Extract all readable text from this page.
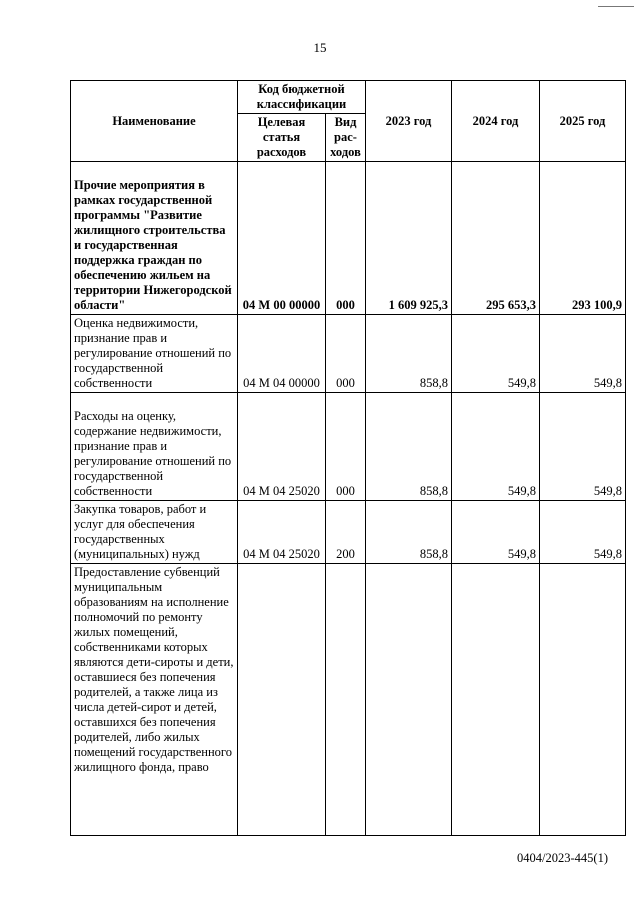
15
Наименование	Код бюджетной классификации		2023 год	2024 год	2025 год
	Целевая статья расходов	Вид рас-ходов			
Прочие мероприятия в рамках государственной программы "Развитие жилищного строительства и государственная поддержка граждан по обеспечению жильем на территории Нижегородской области"	04 М 00 00000	000	1 609 925,3	295 653,3	293 100,9
Оценка недвижимости, признание прав и регулирование отношений по государственной собственности	04 М 04 00000	000	858,8	549,8	549,8
Расходы на оценку, содержание недвижимости, признание прав и регулирование отношений по государственной собственности	04 М 04 25020	000	858,8	549,8	549,8
Закупка товаров, работ и услуг для обеспечения государственных (муниципальных) нужд	04 М 04 25020	200	858,8	549,8	549,8
Предоставление субвенций муниципальным образованиям на исполнение полномочий по ремонту жилых помещений, собственниками которых являются дети-сироты и дети, оставшиеся без попечения родителей, а также лица из числа детей-сирот и детей, оставшихся без попечения родителей, либо жилых помещений государственного жилищного фонда, право					
0404/2023-445(1)
